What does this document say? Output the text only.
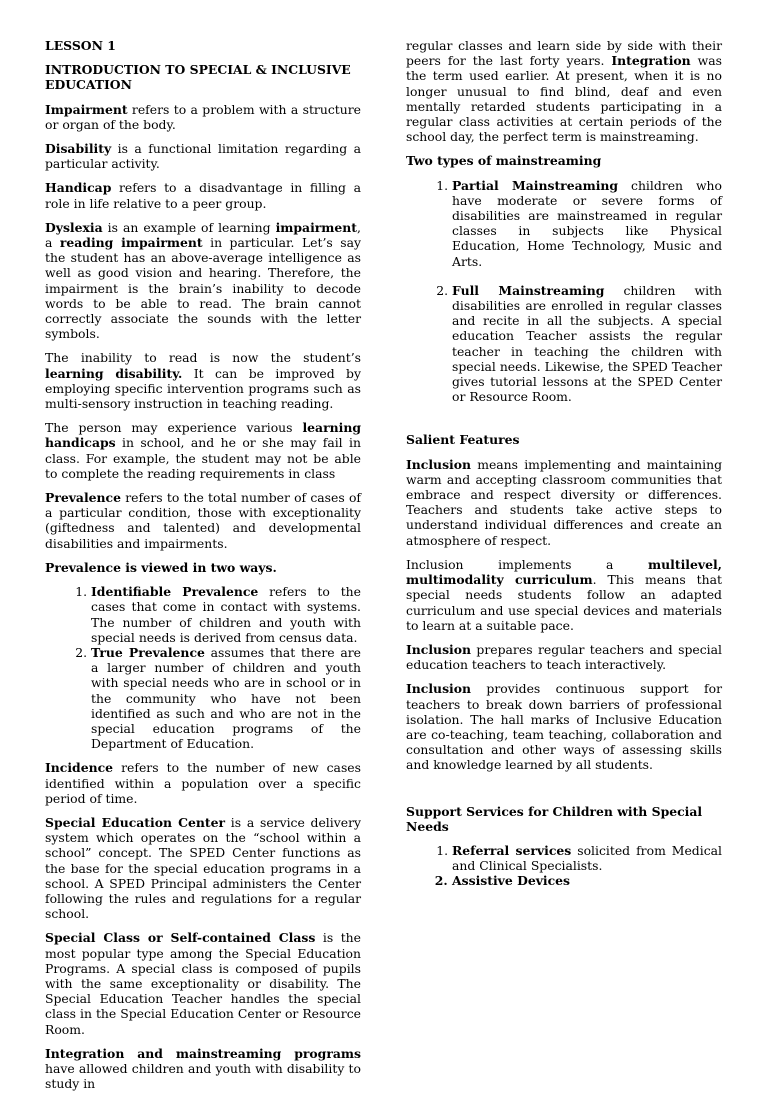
LESSON 1

INTRODUCTION TO SPECIAL & INCLUSIVE EDUCATION

Impairment refers to a problem with a structure or organ of the body.

Disability is a functional limitation regarding a particular activity.

Handicap refers to a disadvantage in filling a role in life relative to a peer group.

Dyslexia is an example of learning impairment, a reading impairment in particular. Let’s say the student has an above-average intelligence as well as good vision and hearing. Therefore, the impairment is the brain’s inability to decode words to be able to read. The brain cannot correctly associate the sounds with the letter symbols.

The inability to read is now the student’s learning disability. It can be improved by employing specific intervention programs such as multi-sensory instruction in teaching reading.

The person may experience various learning handicaps in school, and he or she may fail in class. For example, the student may not be able to complete the reading requirements in class

Prevalence refers to the total number of cases of a particular condition, those with exceptionality (giftedness and talented) and developmental disabilities and impairments.

Prevalence is viewed in two ways.

1. Identifiable Prevalence refers to the cases that come in contact with systems. The number of children and youth with special needs is derived from census data.
2. True Prevalence assumes that there are a larger number of children and youth with special needs who are in school or in the community who have not been identified as such and who are not in the special education programs of the Department of Education.

Incidence refers to the number of new cases identified within a population over a specific period of time.

Special Education Center is a service delivery system which operates on the “school within a school” concept. The SPED Center functions as the base for the special education programs in a school. A SPED Principal administers the Center following the rules and regulations for a regular school.

Special Class or Self-contained Class is the most popular type among the Special Education Programs. A special class is composed of pupils with the same exceptionality or disability. The Special Education Teacher handles the special class in the Special Education Center or Resource Room.

Integration and mainstreaming programs have allowed children and youth with disability to study in

regular classes and learn side by side with their peers for the last forty years. Integration was the term used earlier. At present, when it is no longer unusual to find blind, deaf and even mentally retarded students participating in a regular class activities at certain periods of the school day, the perfect term is mainstreaming.

Two types of mainstreaming

1. Partial Mainstreaming children who have moderate or severe forms of disabilities are mainstreamed in regular classes in subjects like Physical Education, Home Technology, Music and Arts.
2. Full Mainstreaming children with disabilities are enrolled in regular classes and recite in all the subjects. A special education Teacher assists the regular teacher in teaching the children with special needs. Likewise, the SPED Teacher gives tutorial lessons at the SPED Center or Resource Room.

Salient Features

Inclusion means implementing and maintaining warm and accepting classroom communities that embrace and respect diversity or differences. Teachers and students take active steps to understand individual differences and create an atmosphere of respect.

Inclusion implements a multilevel, multimodality curriculum. This means that special needs students follow an adapted curriculum and use special devices and materials to learn at a suitable pace.

Inclusion prepares regular teachers and special education teachers to teach interactively.

Inclusion provides continuous support for teachers to break down barriers of professional isolation. The hall marks of Inclusive Education are co-teaching, team teaching, collaboration and consultation and other ways of assessing skills and knowledge learned by all students.

Support Services for Children with Special Needs

1. Referral services solicited from Medical and Clinical Specialists.
2. Assistive Devices
